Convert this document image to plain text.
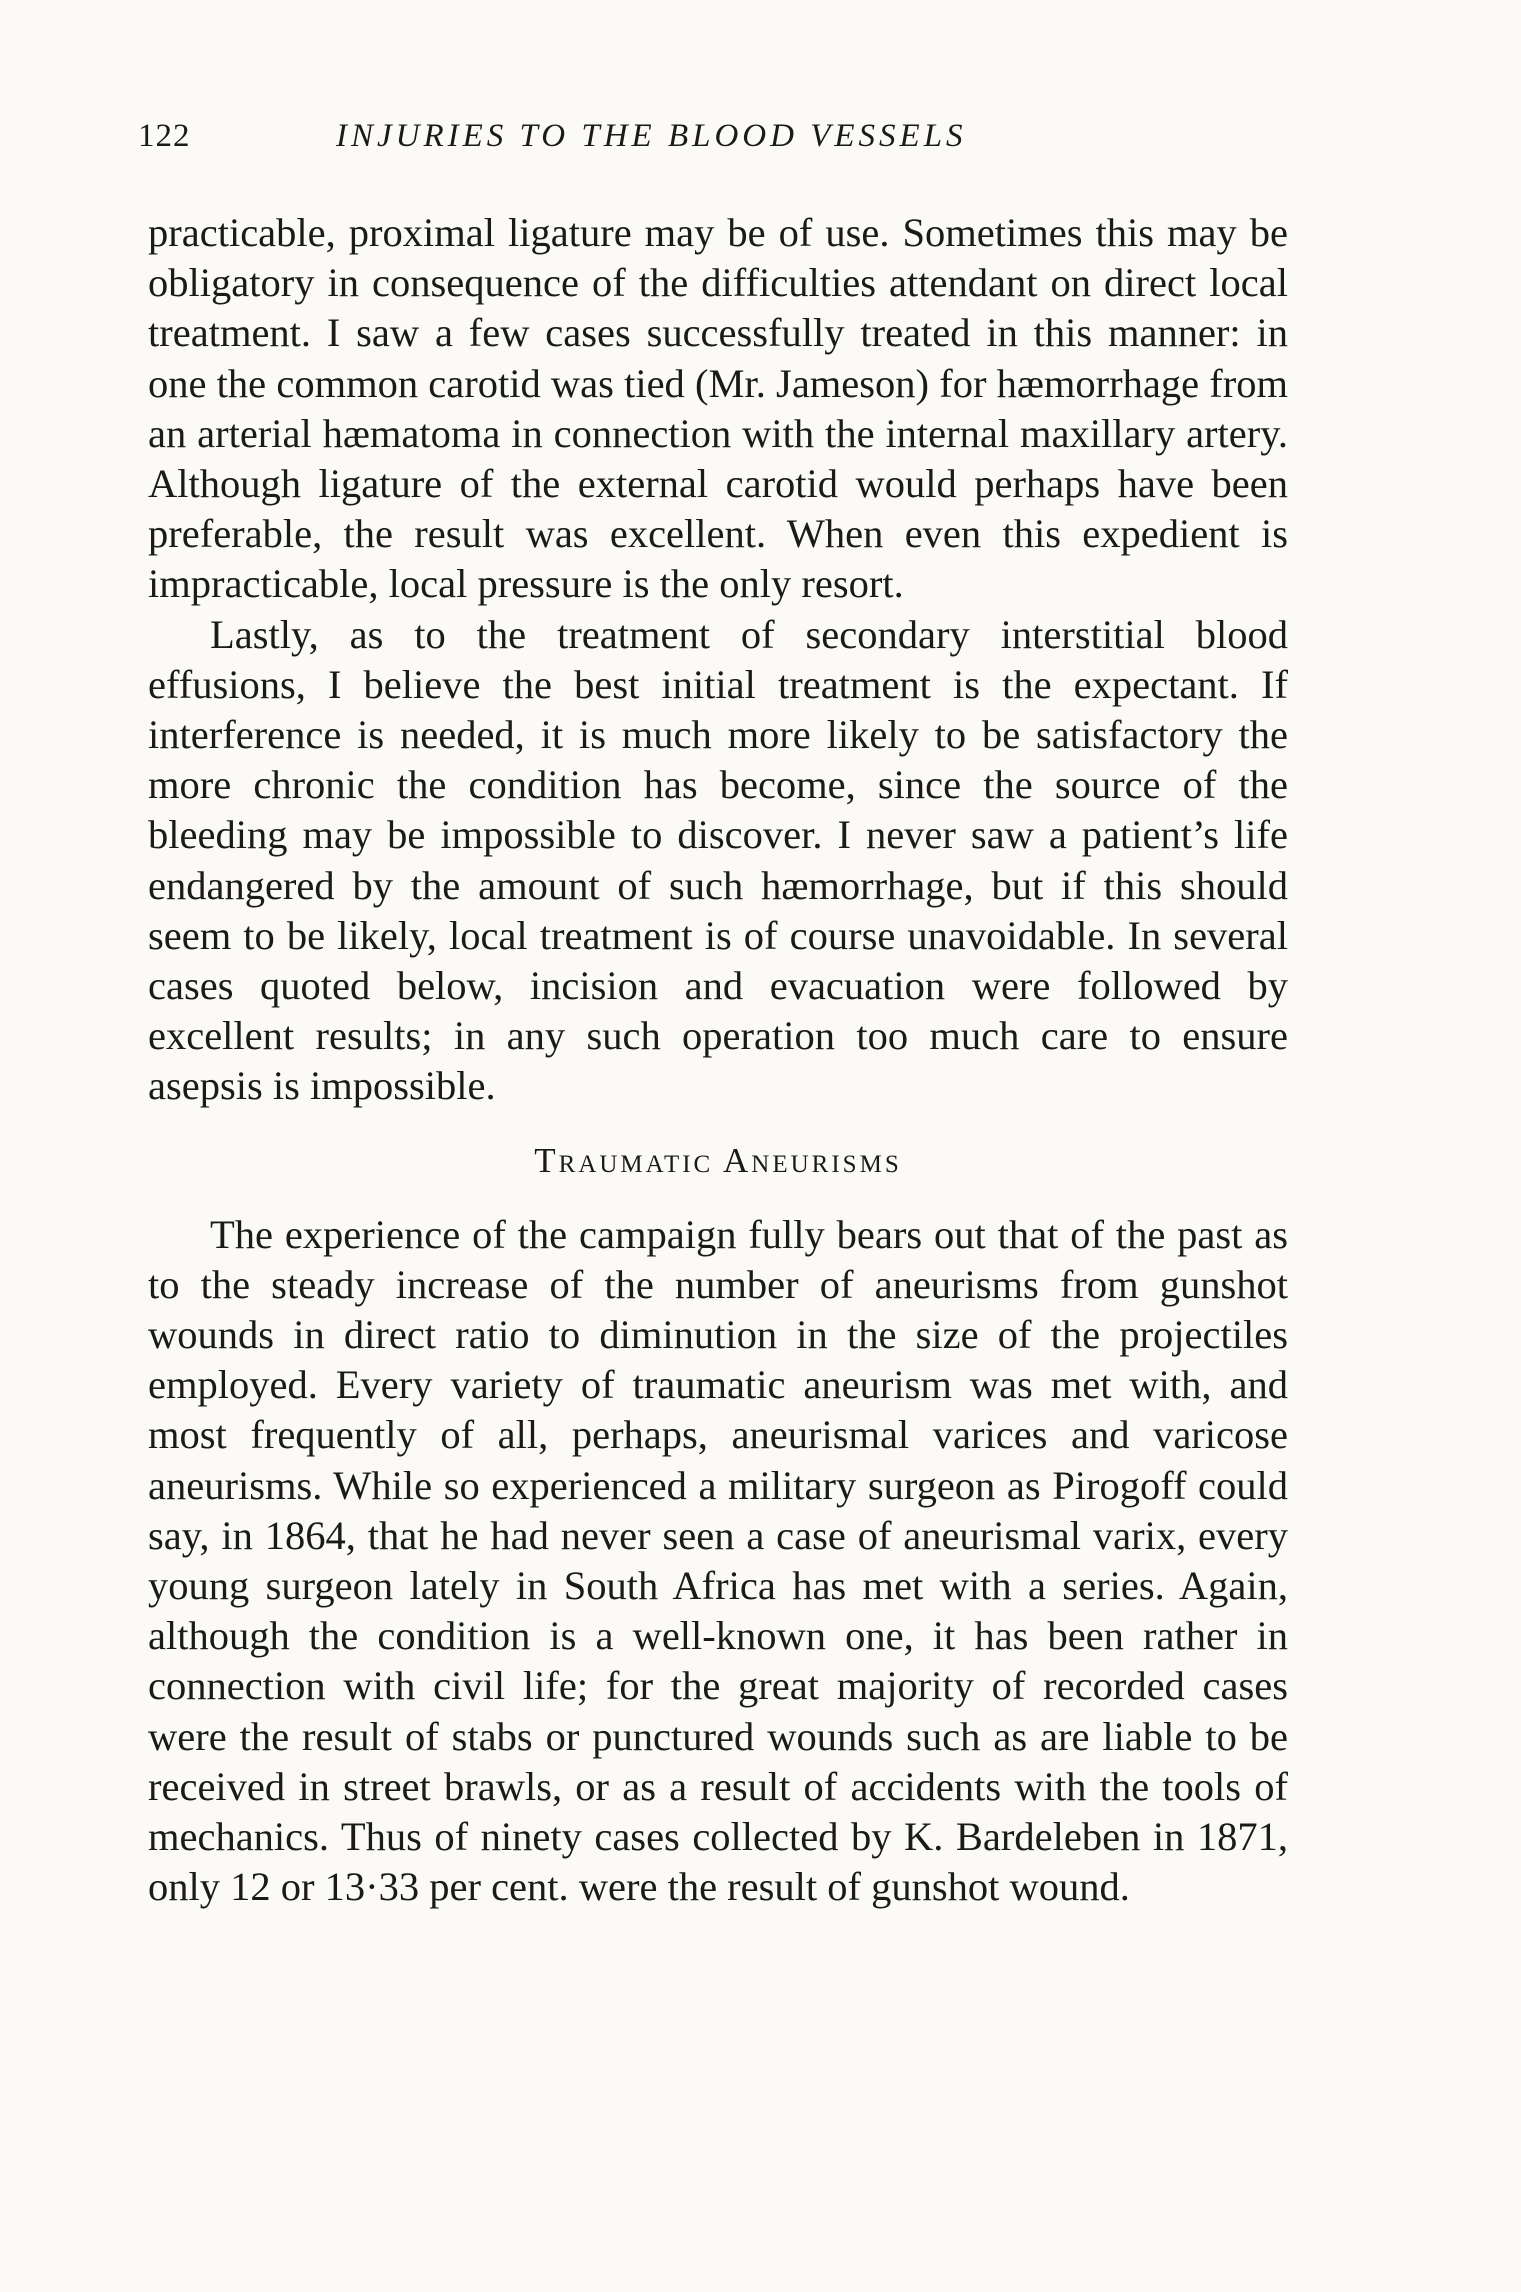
122	INJURIES TO THE BLOOD VESSELS

practicable, proximal ligature may be of use. Sometimes this may be obligatory in consequence of the difficulties attendant on direct local treatment. I saw a few cases successfully treated in this manner: in one the common carotid was tied (Mr. Jameson) for hæmorrhage from an arterial hæmatoma in connection with the internal maxillary artery. Although ligature of the external carotid would perhaps have been preferable, the result was excellent. When even this expedient is impracticable, local pressure is the only resort.

Lastly, as to the treatment of secondary interstitial blood effusions, I believe the best initial treatment is the expectant. If interference is needed, it is much more likely to be satisfactory the more chronic the condition has become, since the source of the bleeding may be impossible to discover. I never saw a patient’s life endangered by the amount of such hæmorrhage, but if this should seem to be likely, local treatment is of course unavoidable. In several cases quoted below, incision and evacuation were followed by excellent results; in any such operation too much care to ensure asepsis is impossible.

Traumatic Aneurisms

The experience of the campaign fully bears out that of the past as to the steady increase of the number of aneurisms from gunshot wounds in direct ratio to diminution in the size of the projectiles employed. Every variety of traumatic aneurism was met with, and most frequently of all, perhaps, aneurismal varices and varicose aneurisms. While so experienced a military surgeon as Pirogoff could say, in 1864, that he had never seen a case of aneurismal varix, every young surgeon lately in South Africa has met with a series. Again, although the condition is a well-known one, it has been rather in connection with civil life; for the great majority of recorded cases were the result of stabs or punctured wounds such as are liable to be received in street brawls, or as a result of accidents with the tools of mechanics. Thus of ninety cases collected by K. Bardeleben in 1871, only 12 or 13·33 per cent. were the result of gunshot wound.
